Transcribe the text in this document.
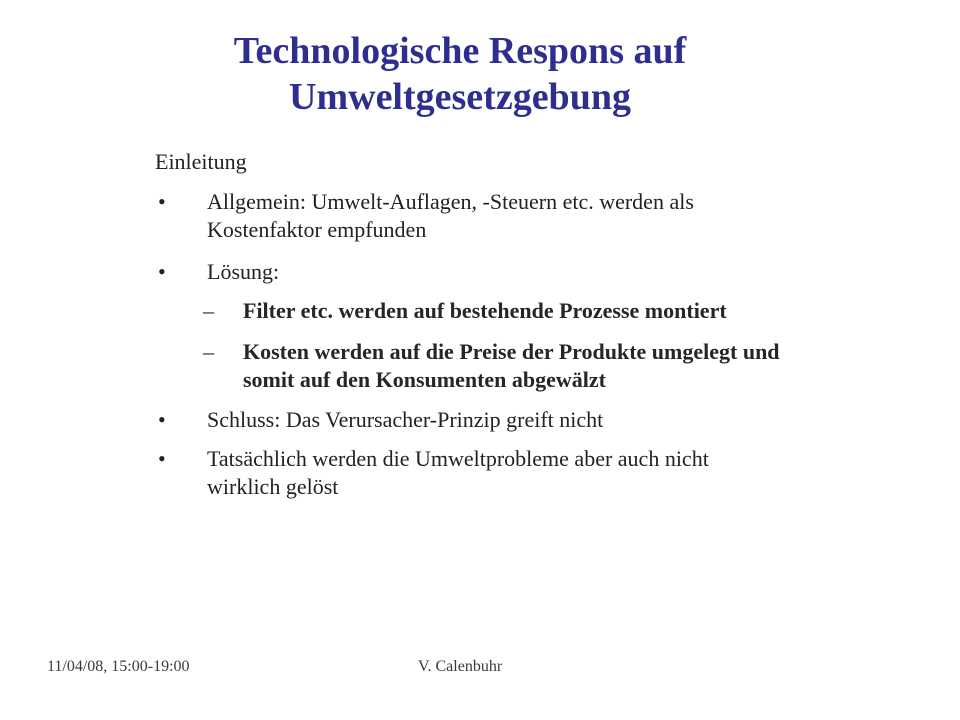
Technologische Respons auf
Umweltgesetzgebung
Einleitung
•	Allgemein: Umwelt-Auflagen, -Steuern etc. werden als
Kostenfaktor empfunden
•	Lösung:
–	Filter etc. werden auf bestehende Prozesse montiert
–	Kosten werden auf die Preise der Produkte umgelegt und
somit auf den Konsumenten abgewälzt
•	Schluss: Das Verursacher-Prinzip greift nicht
•	Tatsächlich werden die Umweltprobleme aber auch nicht
wirklich gelöst
11/04/08, 15:00-19:00	V. Calenbuhr
